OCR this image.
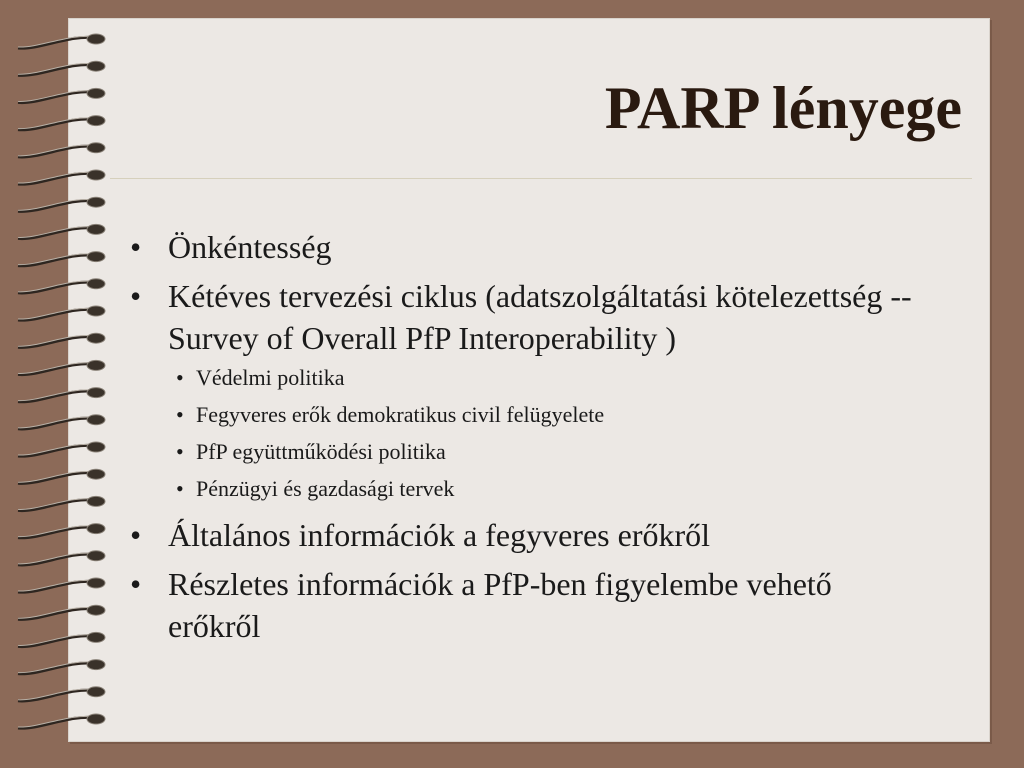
PARP lényege
• Önkéntesség
• Kétéves tervezési ciklus (adatszolgáltatási kötelezettség -- Survey of Overall PfP Interoperability )
• Védelmi politika
• Fegyveres erők demokratikus civil felügyelete
• PfP együttműködési politika
• Pénzügyi és gazdasági tervek
• Általános információk a fegyveres erőkről
• Részletes információk a PfP-ben figyelembe vehető erőkről
